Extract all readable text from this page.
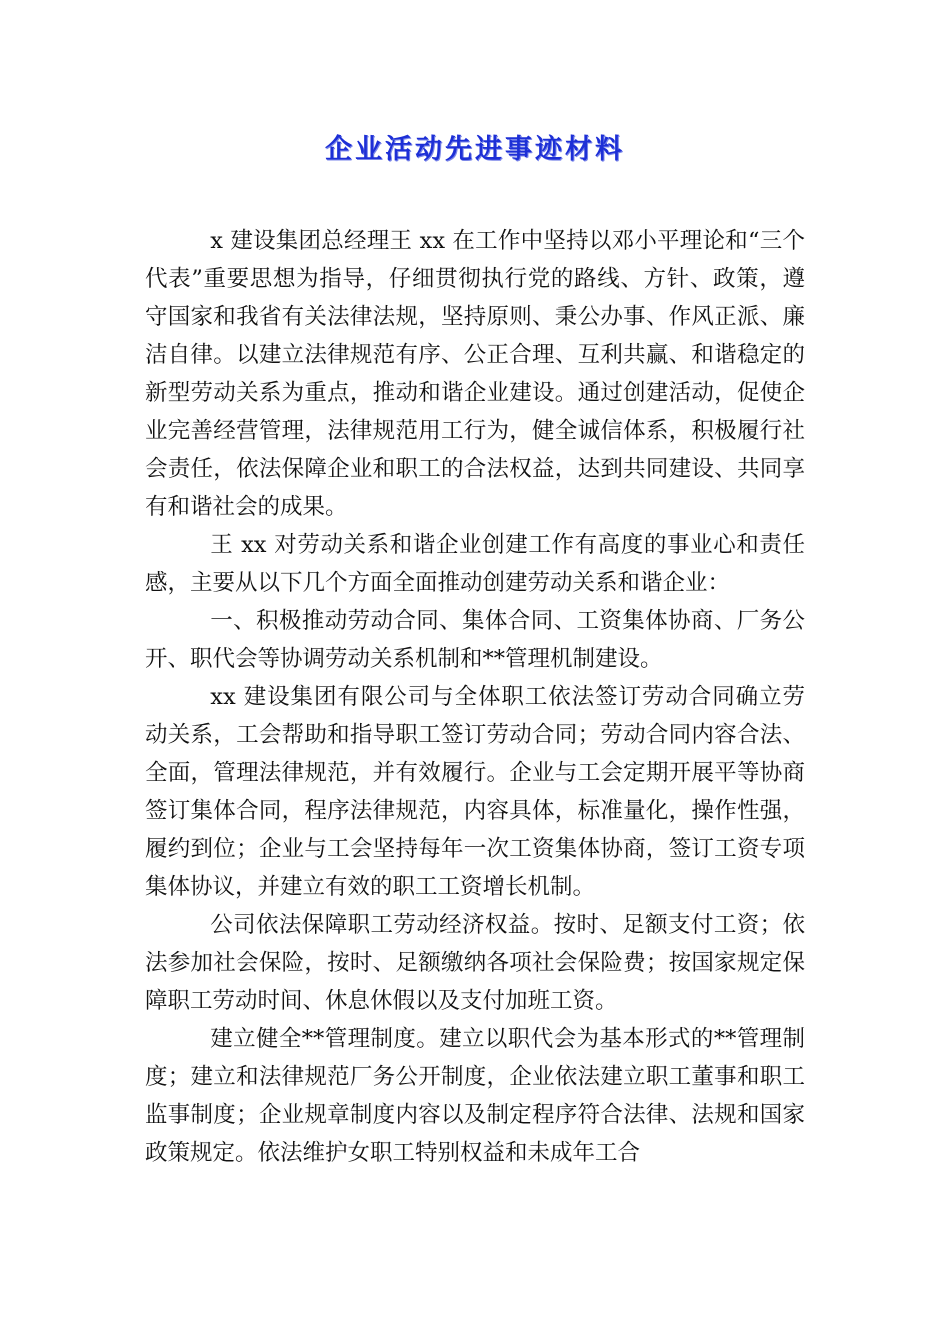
企业活动先进事迹材料

x 建设集团总经理王 xx 在工作中坚持以邓小平理论和“三个代表”重要思想为指导，仔细贯彻执行党的路线、方针、政策，遵守国家和我省有关法律法规，坚持原则、秉公办事、作风正派、廉洁自律。以建立法律规范有序、公正合理、互利共赢、和谐稳定的新型劳动关系为重点，推动和谐企业建设。通过创建活动，促使企业完善经营管理，法律规范用工行为，健全诚信体系，积极履行社会责任，依法保障企业和职工的合法权益，达到共同建设、共同享有和谐社会的成果。

王 xx 对劳动关系和谐企业创建工作有高度的事业心和责任感，主要从以下几个方面全面推动创建劳动关系和谐企业：

一、积极推动劳动合同、集体合同、工资集体协商、厂务公开、职代会等协调劳动关系机制和**管理机制建设。

xx 建设集团有限公司与全体职工依法签订劳动合同确立劳动关系，工会帮助和指导职工签订劳动合同；劳动合同内容合法、全面，管理法律规范，并有效履行。企业与工会定期开展平等协商签订集体合同，程序法律规范，内容具体，标准量化，操作性强，履约到位；企业与工会坚持每年一次工资集体协商，签订工资专项集体协议，并建立有效的职工工资增长机制。

公司依法保障职工劳动经济权益。按时、足额支付工资；依法参加社会保险，按时、足额缴纳各项社会保险费；按国家规定保障职工劳动时间、休息休假以及支付加班工资。

建立健全**管理制度。建立以职代会为基本形式的**管理制度；建立和法律规范厂务公开制度，企业依法建立职工董事和职工监事制度；企业规章制度内容以及制定程序符合法律、法规和国家政策规定。依法维护女职工特别权益和未成年工合
